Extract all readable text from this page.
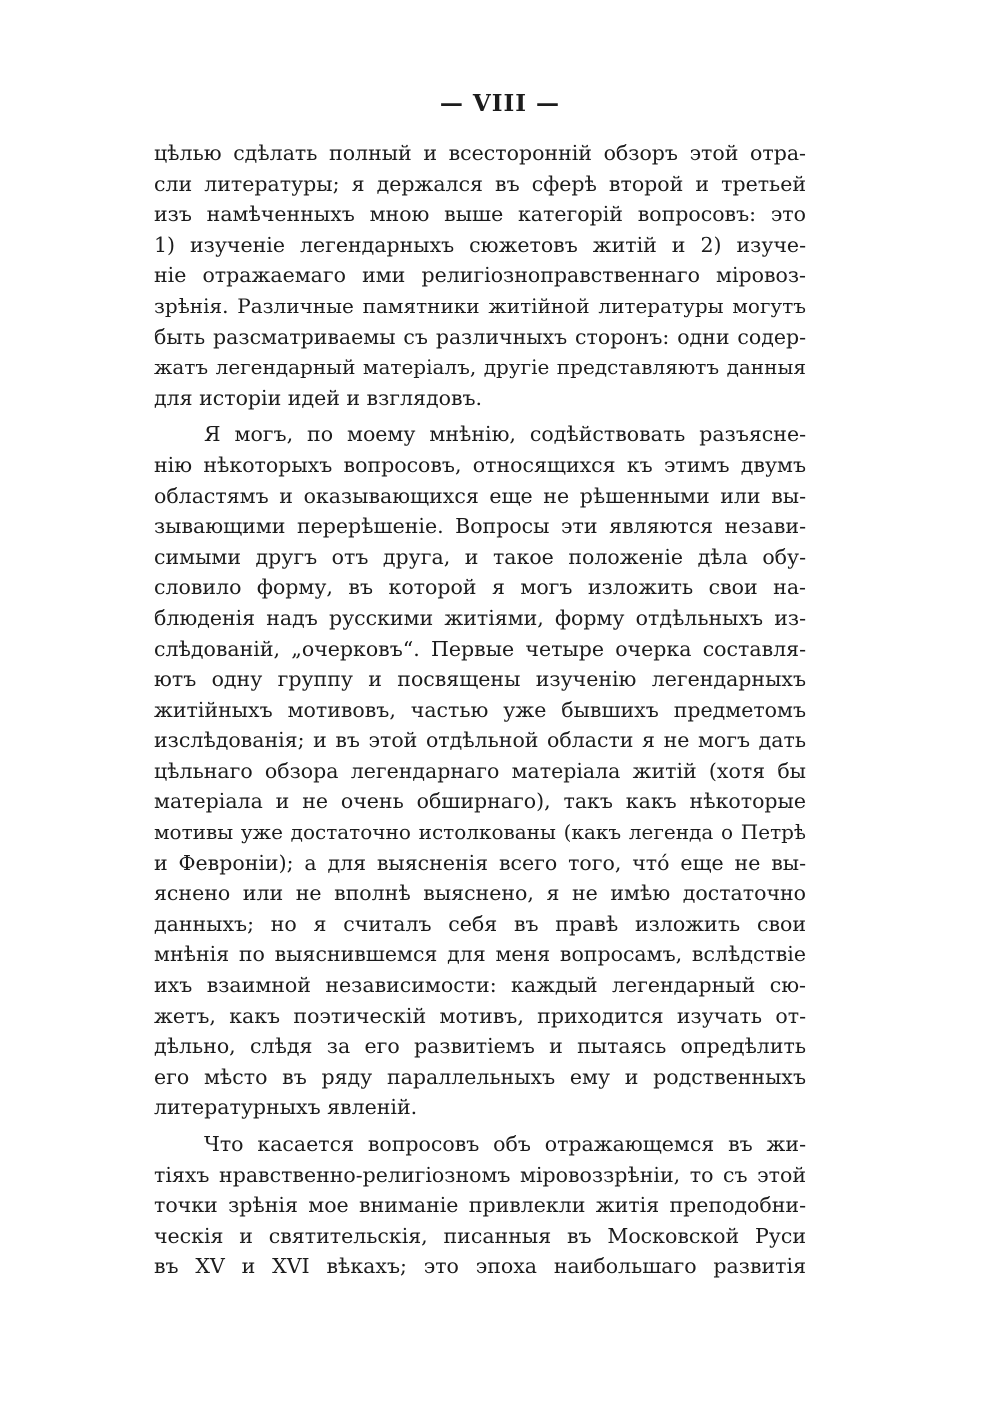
— VIII —
цѣлью сдѣлать полный и всесторонній обзоръ этой отра-
сли литературы; я держался въ сферѣ второй и третьей
изъ намѣченныхъ мною выше категорій вопросовъ: это
1) изученіе легендарныхъ сюжетовъ житій и 2) изуче-
ніе отражаемаго ими религіозноправственнаго міровоз-
зрѣнія. Различные памятники житійной литературы могутъ
быть разсматриваемы съ различныхъ сторонъ: одни содер-
жатъ легендарный матеріалъ, другіе представляютъ данныя
для исторіи идей и взглядовъ.
Я могъ, по моему мнѣнію, содѣйствовать разъясне-
нію нѣкоторыхъ вопросовъ, относящихся къ этимъ двумъ
областямъ и оказывающихся еще не рѣшенными или вы-
зывающими перерѣшеніе. Вопросы эти являются незави-
симыми другъ отъ друга, и такое положеніе дѣла обу-
словило форму, въ которой я могъ изложить свои на-
блюденія надъ русскими житіями, форму отдѣльныхъ из-
слѣдованій, „очерковъ“. Первые четыре очерка составля-
ютъ одну группу и посвящены изученію легендарныхъ
житійныхъ мотивовъ, частью уже бывшихъ предметомъ
изслѣдованія; и въ этой отдѣльной области я не могъ дать
цѣльнаго обзора легендарнаго матеріала житій (хотя бы
матеріала и не очень обширнаго), такъ какъ нѣкоторые
мотивы уже достаточно истолкованы (какъ легенда о Петрѣ
и Февроніи); а для выясненія всего того, что́ еще не вы-
яснено или не вполнѣ выяснено, я не имѣю достаточно
данныхъ; но я считалъ себя въ правѣ изложить свои
мнѣнія по выяснившемся для меня вопросамъ, вслѣдствіе
ихъ взаимной независимости: каждый легендарный сю-
жетъ, какъ поэтическій мотивъ, приходится изучать от-
дѣльно, слѣдя за его развитіемъ и пытаясь опредѣлить
его мѣсто въ ряду параллельныхъ ему и родственныхъ
литературныхъ явленій.
Что касается вопросовъ объ отражающемся въ жи-
тіяхъ нравственно-религіозномъ міровоззрѣніи, то съ этой
точки зрѣнія мое вниманіе привлекли житія преподобни-
ческія и святительскія, писанныя въ Московской Руси
въ XV и XVI вѣкахъ; это эпоха наибольшаго развитія
